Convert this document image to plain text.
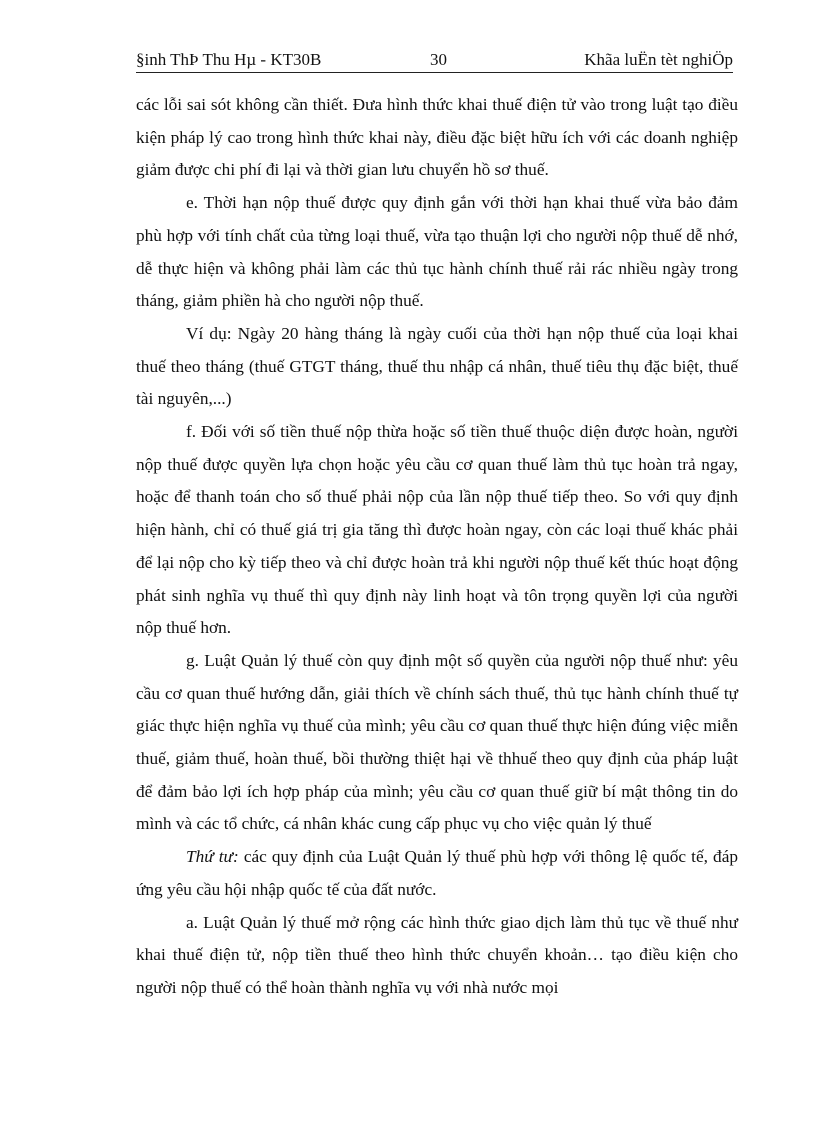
§inh ThÞ Thu Hµ - KT30B	30	Khãa luËn tèt nghiÖp

các lỗi sai sót không cần thiết. Đưa hình thức khai thuế điện tử vào trong luật tạo điều kiện pháp lý cao trong hình thức khai này, điều đặc biệt hữu ích với các doanh nghiệp giảm được chi phí đi lại và thời gian lưu chuyển hồ sơ thuế.

e. Thời hạn nộp thuế được quy định gắn với thời hạn khai thuế vừa bảo đảm phù hợp với tính chất của từng loại thuế, vừa tạo thuận lợi cho người nộp thuế dễ nhớ, dễ thực hiện và không phải làm các thủ tục hành chính thuế rải rác nhiều ngày trong tháng, giảm phiền hà cho người nộp thuế.

Ví dụ: Ngày 20 hàng tháng là ngày cuối của thời hạn nộp thuế của loại khai thuế theo tháng (thuế GTGT tháng, thuế thu nhập cá nhân, thuế tiêu thụ đặc biệt, thuế tài nguyên,...)

f. Đối với số tiền thuế nộp thừa hoặc số tiền thuế thuộc diện được hoàn, người nộp thuế được quyền lựa chọn hoặc yêu cầu cơ quan thuế làm thủ tục hoàn trả ngay, hoặc để thanh toán cho số thuế phải nộp của lần nộp thuế tiếp theo. So với quy định hiện hành, chỉ có thuế giá trị gia tăng thì được hoàn ngay, còn các loại thuế khác phải để lại nộp cho kỳ tiếp theo và chỉ được hoàn trả khi người nộp thuế kết thúc hoạt động phát sinh nghĩa vụ thuế thì quy định này linh hoạt và tôn trọng quyền lợi của người nộp thuế hơn.

g. Luật Quản lý thuế còn quy định một số quyền của người nộp thuế như: yêu cầu cơ quan thuế hướng dẫn, giải thích về chính sách thuế, thủ tục hành chính thuế tự giác thực hiện nghĩa vụ thuế của mình; yêu cầu cơ quan thuế thực hiện đúng việc miễn thuế, giảm thuế, hoàn thuế, bồi thường thiệt hại về thhuế theo quy định của pháp luật để đảm bảo lợi ích hợp pháp của mình; yêu cầu cơ quan thuế giữ bí mật thông tin do mình và các tổ chức, cá nhân khác cung cấp phục vụ cho việc quản lý thuế

Thứ tư: các quy định của Luật Quản lý thuế phù hợp với thông lệ quốc tế, đáp ứng yêu cầu hội nhập quốc tế của đất nước.

a. Luật Quản lý thuế mở rộng các hình thức giao dịch làm thủ tục về thuế như khai thuế điện tử, nộp tiền thuế theo hình thức chuyển khoản… tạo điều kiện cho người nộp thuế có thể hoàn thành nghĩa vụ với nhà nước mọi
